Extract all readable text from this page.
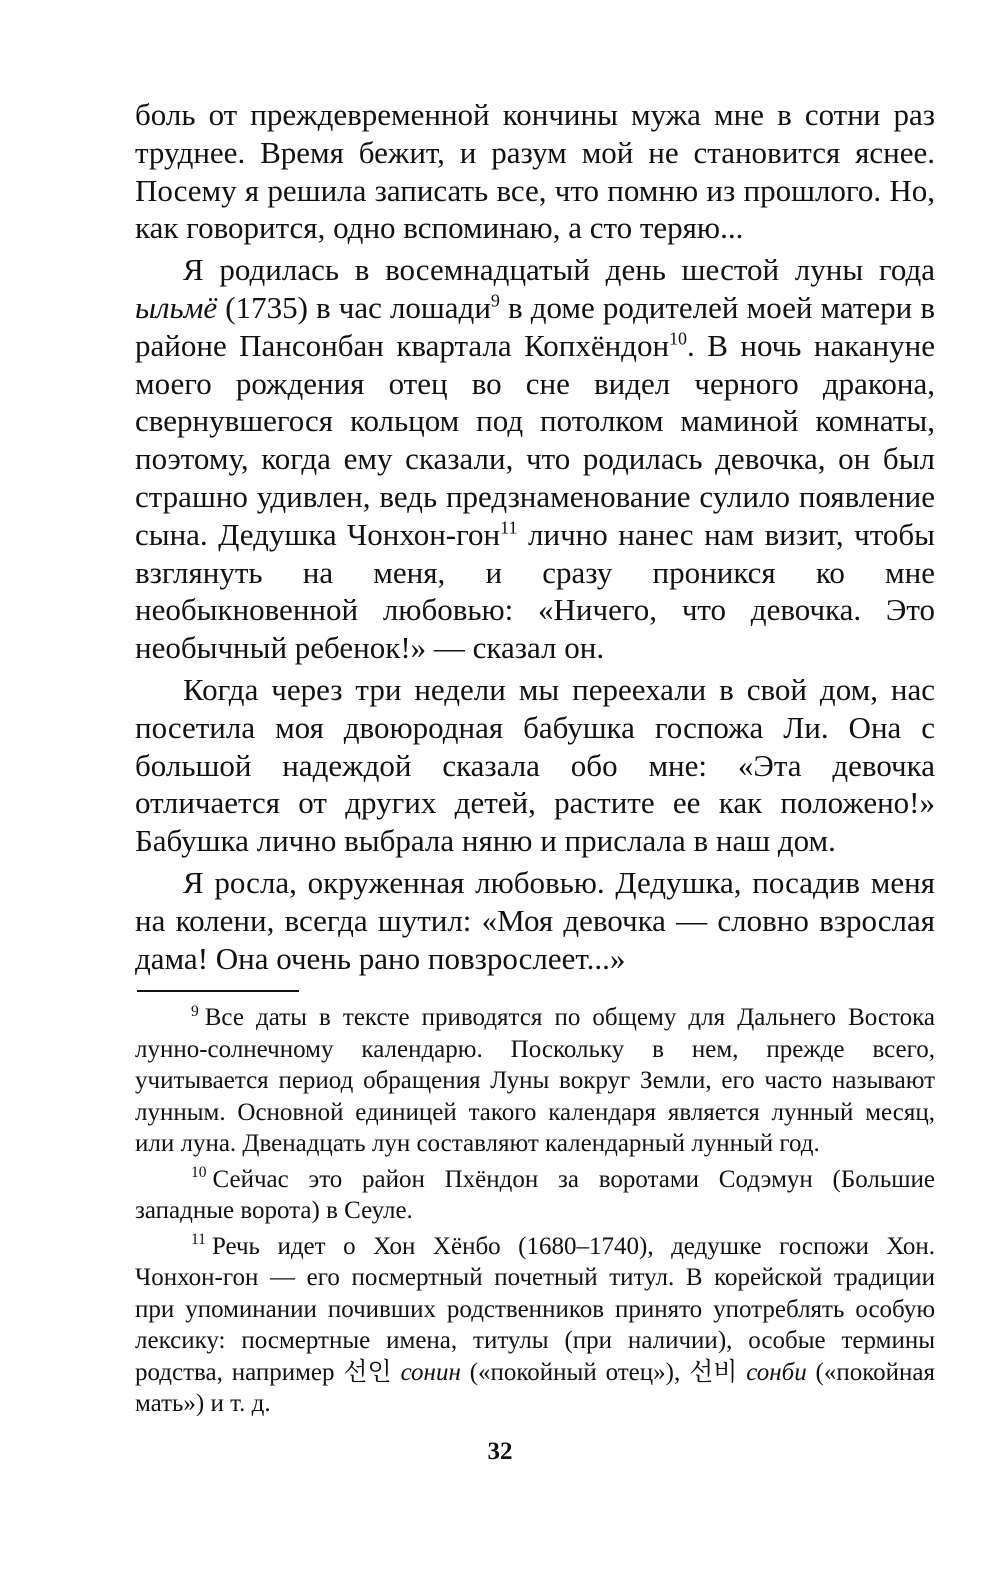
боль от преждевременной кончины мужа мне в сотни раз труднее. Время бежит, и разум мой не становится яснее. Посему я решила записать все, что помню из прошлого. Но, как говорится, одно вспоминаю, а сто теряю...

Я родилась в восемнадцатый день шестой луны года ыльмё (1735) в час лошади$^9$ в доме родителей моей матери в районе Пансонбан квартала Копхёндон$^{10}$. В ночь накануне моего рождения отец во сне видел черного дракона, свернувшегося кольцом под потолком маминой комнаты, поэтому, когда ему сказали, что родилась девочка, он был страшно удивлен, ведь предзнаменование сулило появление сына. Дедушка Чонхон-гон$^{11}$ лично нанес нам визит, чтобы взглянуть на меня, и сразу проникся ко мне необыкновенной любовью: «Ничего, что девочка. Это необычный ребенок!» — сказал он.

Когда через три недели мы переехали в свой дом, нас посетила моя двоюродная бабушка госпожа Ли. Она с большой надеждой сказала обо мне: «Эта девочка отличается от других детей, растите ее как положено!» Бабушка лично выбрала няню и прислала в наш дом.

Я росла, окруженная любовью. Дедушка, посадив меня на колени, всегда шутил: «Моя девочка — словно взрослая дама! Она очень рано повзрослеет...»

$^9$ Все даты в тексте приводятся по общему для Дальнего Востока лунно-солнечному календарю. Поскольку в нем, прежде всего, учитывается период обращения Луны вокруг Земли, его часто называют лунным. Основной единицей такого календаря является лунный месяц, или луна. Двенадцать лун составляют календарный лунный год.

$^{10}$ Сейчас это район Пхёндон за воротами Содэмун (Большие западные ворота) в Сеуле.

$^{11}$ Речь идет о Хон Хёнбо (1680–1740), дедушке госпожи Хон. Чонхон-гон — его посмертный почетный титул. В корейской традиции при упоминании почивших родственников принято употреблять особую лексику: посмертные имена, титулы (при наличии), особые термины родства, например 선인 сонин («покойный отец»), 선비 сонби («покойная мать») и т. д.

32
